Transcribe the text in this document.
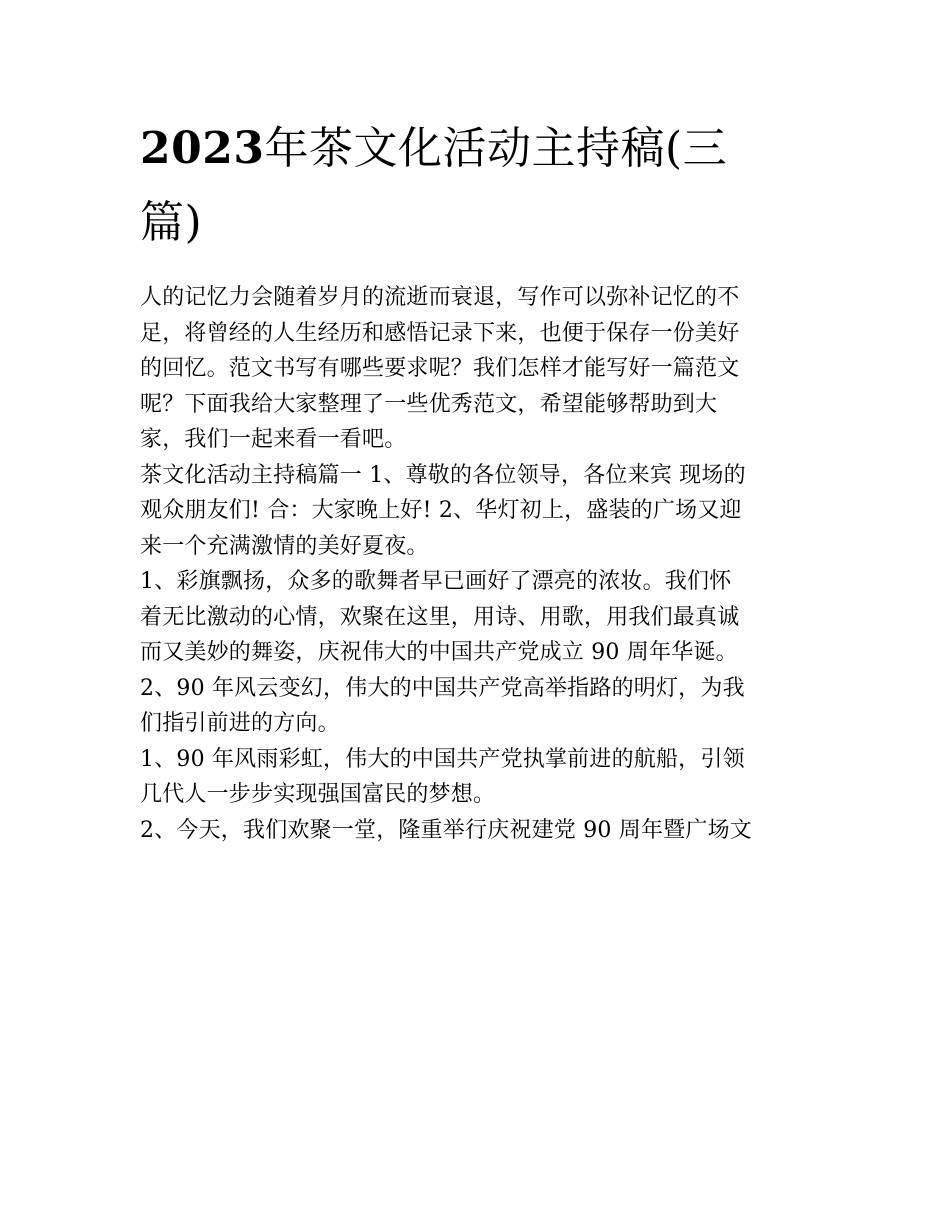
2023年茶文化活动主持稿(三
篇)

人的记忆力会随着岁月的流逝而衰退，写作可以弥补记忆的不
足，将曾经的人生经历和感悟记录下来，也便于保存一份美好
的回忆。范文书写有哪些要求呢？我们怎样才能写好一篇范文
呢？下面我给大家整理了一些优秀范文，希望能够帮助到大
家，我们一起来看一看吧。

茶文化活动主持稿篇一 1、尊敬的各位领导，各位来宾 现场的
观众朋友们! 合：大家晚上好! 2、华灯初上，盛装的广场又迎
来一个充满激情的美好夏夜。

1、彩旗飘扬，众多的歌舞者早已画好了漂亮的浓妆。我们怀
着无比激动的心情，欢聚在这里，用诗、用歌，用我们最真诚
而又美妙的舞姿，庆祝伟大的中国共产党成立 90 周年华诞。

2、90 年风云变幻，伟大的中国共产党高举指路的明灯，为我
们指引前进的方向。

1、90 年风雨彩虹，伟大的中国共产党执掌前进的航船，引领
几代人一步步实现强国富民的梦想。

2、今天，我们欢聚一堂，隆重举行庆祝建党 90 周年暨广场文
